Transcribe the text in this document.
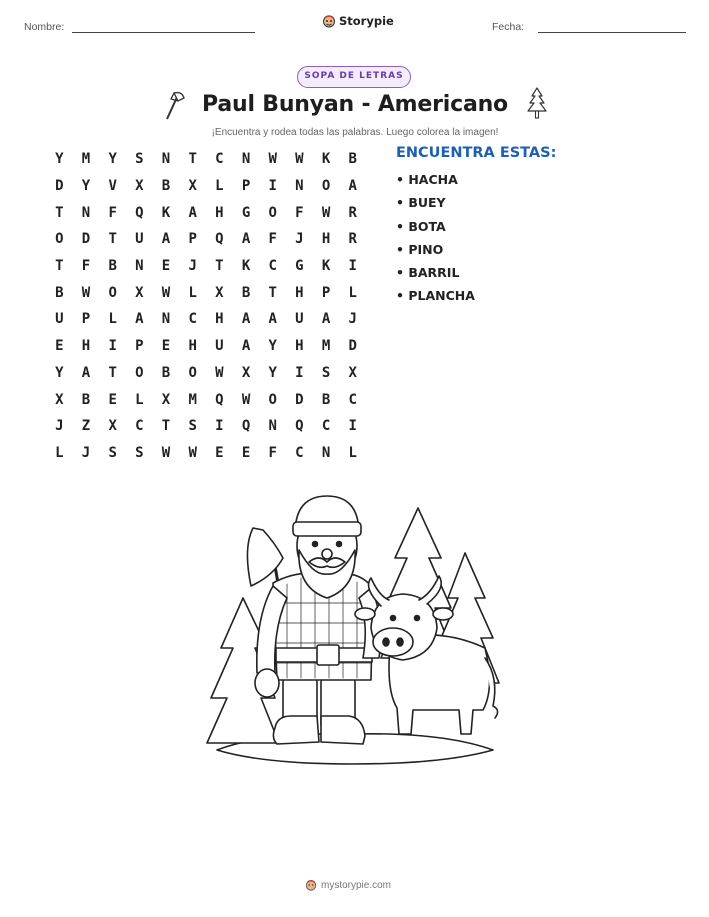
Nombre:	Storypie	Fecha:
SOPA DE LETRAS
Paul Bunyan - Americano
¡Encuentra y rodea todas las palabras. Luego colorea la imagen!
Y	M	Y	S	N	T	C	N	W	W	K	B
D	Y	V	X	B	X	L	P	I	N	O	A
T	N	F	Q	K	A	H	G	O	F	W	R
O	D	T	U	A	P	Q	A	F	J	H	R
T	F	B	N	E	J	T	K	C	G	K	I
B	W	O	X	W	L	X	B	T	H	P	L
U	P	L	A	N	C	H	A	A	U	A	J
E	H	I	P	E	H	U	A	Y	H	M	D
Y	A	T	O	B	O	W	X	Y	I	S	X
X	B	E	L	X	M	Q	W	O	D	B	C
J	Z	X	C	T	S	I	Q	N	Q	C	I
L	J	S	S	W	W	E	E	F	C	N	L
ENCUENTRA ESTAS:
• HACHA
• BUEY
• BOTA
• PINO
• BARRIL
• PLANCHA
mystorypie.com
